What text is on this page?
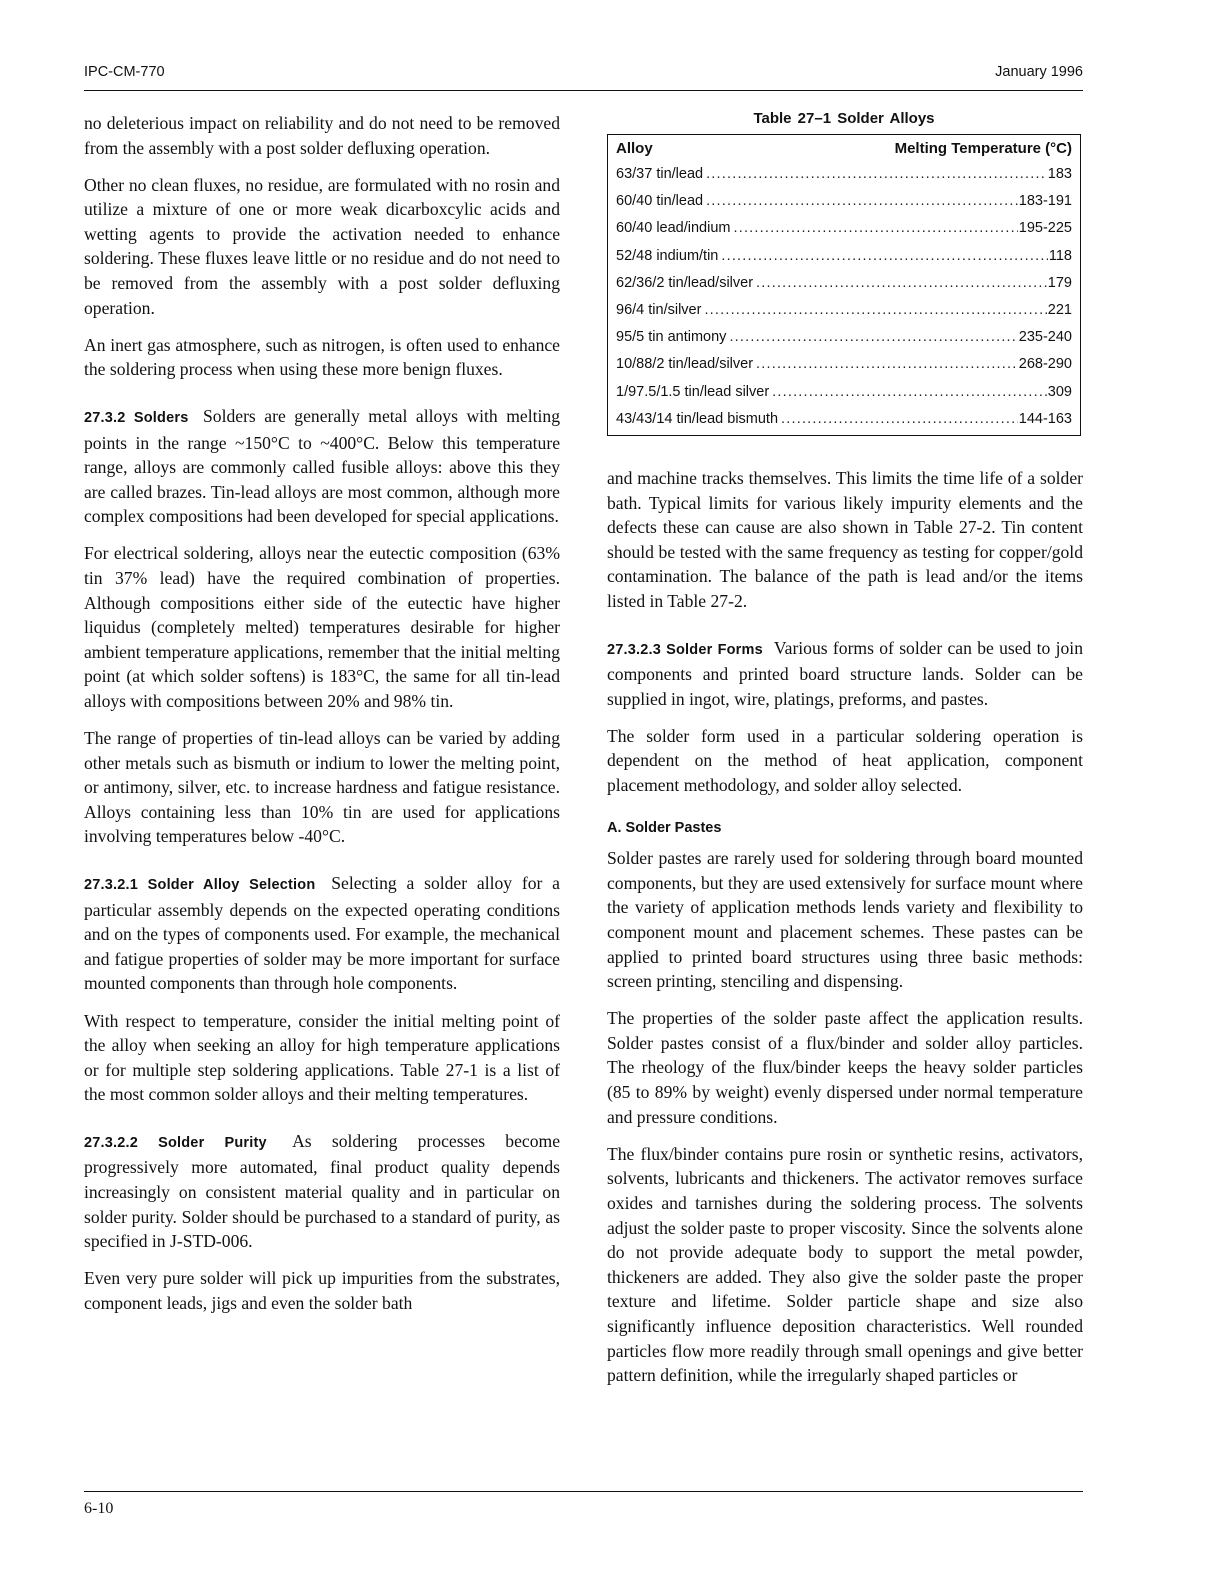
IPC-CM-770	January 1996

no deleterious impact on reliability and do not need to be removed from the assembly with a post solder defluxing operation.

Other no clean fluxes, no residue, are formulated with no rosin and utilize a mixture of one or more weak dicarboxcylic acids and wetting agents to provide the activation needed to enhance soldering. These fluxes leave little or no residue and do not need to be removed from the assembly with a post solder defluxing operation.

An inert gas atmosphere, such as nitrogen, is often used to enhance the soldering process when using these more benign fluxes.

27.3.2 Solders Solders are generally metal alloys with melting points in the range ~150°C to ~400°C. Below this temperature range, alloys are commonly called fusible alloys: above this they are called brazes. Tin-lead alloys are most common, although more complex compositions had been developed for special applications.

For electrical soldering, alloys near the eutectic composition (63% tin 37% lead) have the required combination of properties. Although compositions either side of the eutectic have higher liquidus (completely melted) temperatures desirable for higher ambient temperature applications, remember that the initial melting point (at which solder softens) is 183°C, the same for all tin-lead alloys with compositions between 20% and 98% tin.

The range of properties of tin-lead alloys can be varied by adding other metals such as bismuth or indium to lower the melting point, or antimony, silver, etc. to increase hardness and fatigue resistance. Alloys containing less than 10% tin are used for applications involving temperatures below -40°C.

27.3.2.1 Solder Alloy Selection Selecting a solder alloy for a particular assembly depends on the expected operating conditions and on the types of components used. For example, the mechanical and fatigue properties of solder may be more important for surface mounted components than through hole components.

With respect to temperature, consider the initial melting point of the alloy when seeking an alloy for high temperature applications or for multiple step soldering applications. Table 27-1 is a list of the most common solder alloys and their melting temperatures.

27.3.2.2 Solder Purity As soldering processes become progressively more automated, final product quality depends increasingly on consistent material quality and in particular on solder purity. Solder should be purchased to a standard of purity, as specified in J-STD-006.

Even very pure solder will pick up impurities from the substrates, component leads, jigs and even the solder bath

Table 27–1 Solder Alloys
Alloy	Melting Temperature (°C)
63/37 tin/lead .....	183
60/40 tin/lead .....	183-191
60/40 lead/indium .....	195-225
52/48 indium/tin .....	118
62/36/2 tin/lead/silver .....	179
96/4 tin/silver .....	221
95/5 tin antimony .....	235-240
10/88/2 tin/lead/silver .....	268-290
1/97.5/1.5 tin/lead silver .....	309
43/43/14 tin/lead bismuth .....	144-163

and machine tracks themselves. This limits the time life of a solder bath. Typical limits for various likely impurity elements and the defects these can cause are also shown in Table 27-2. Tin content should be tested with the same frequency as testing for copper/gold contamination. The balance of the path is lead and/or the items listed in Table 27-2.

27.3.2.3 Solder Forms Various forms of solder can be used to join components and printed board structure lands. Solder can be supplied in ingot, wire, platings, preforms, and pastes.

The solder form used in a particular soldering operation is dependent on the method of heat application, component placement methodology, and solder alloy selected.

A. Solder Pastes

Solder pastes are rarely used for soldering through board mounted components, but they are used extensively for surface mount where the variety of application methods lends variety and flexibility to component mount and placement schemes. These pastes can be applied to printed board structures using three basic methods: screen printing, stenciling and dispensing.

The properties of the solder paste affect the application results. Solder pastes consist of a flux/binder and solder alloy particles. The rheology of the flux/binder keeps the heavy solder particles (85 to 89% by weight) evenly dispersed under normal temperature and pressure conditions.

The flux/binder contains pure rosin or synthetic resins, activators, solvents, lubricants and thickeners. The activator removes surface oxides and tarnishes during the soldering process. The solvents adjust the solder paste to proper viscosity. Since the solvents alone do not provide adequate body to support the metal powder, thickeners are added. They also give the solder paste the proper texture and lifetime. Solder particle shape and size also significantly influence deposition characteristics. Well rounded particles flow more readily through small openings and give better pattern definition, while the irregularly shaped particles or

6-10
